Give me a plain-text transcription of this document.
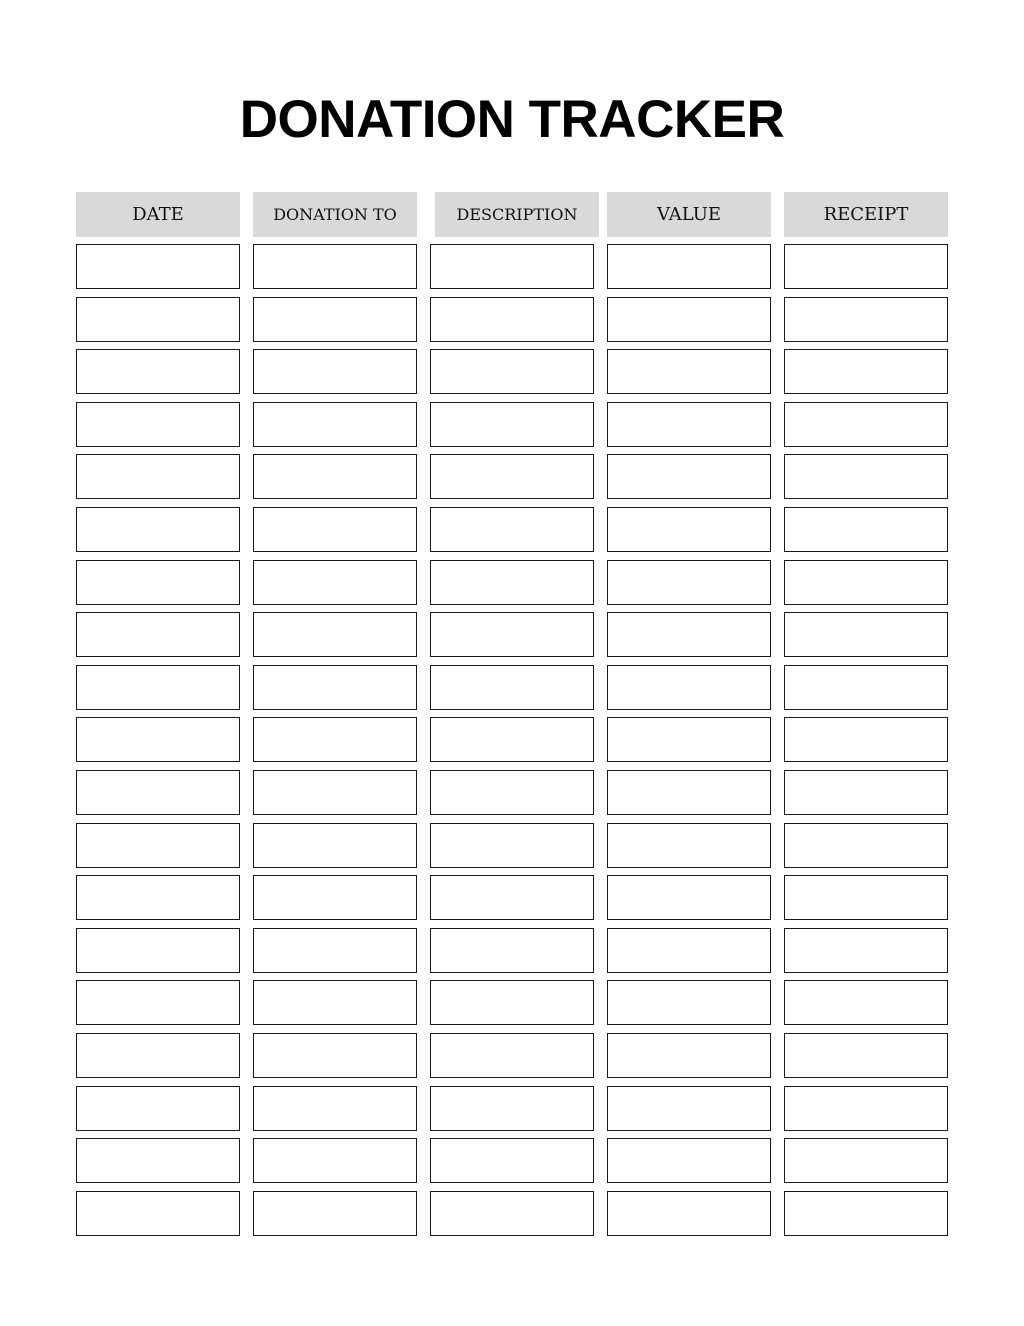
DONATION TRACKER
DATE	DONATION TO	DESCRIPTION	VALUE	RECEIPT
